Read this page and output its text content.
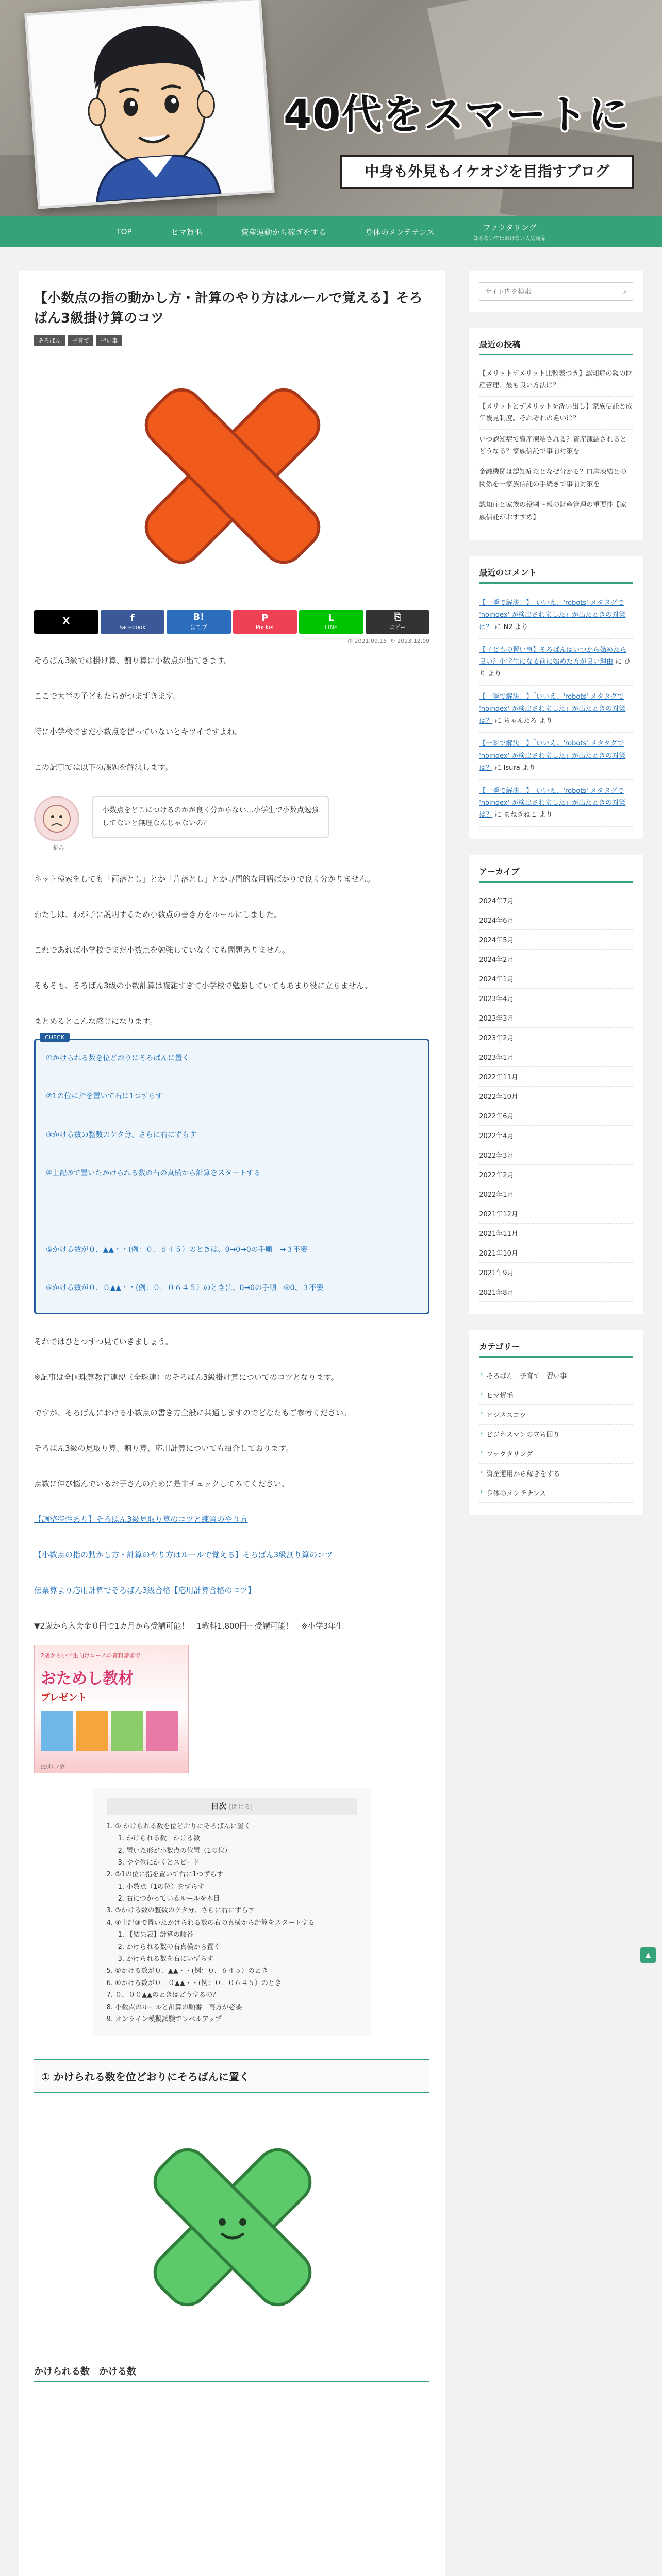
40代をスマートに
中身も外見もイケオジを目指すブログ
TOP	ヒマ賀毛	資産運動から稼ぎをする	身体のメンテナンス	ファクタリング
知らないではおけない人気商品
【小数点の指の動かし方・計算のやり方はルールで覚える】そろばん3級掛け算のコツ
そろばん	子育て	習い事
X	f
Facebook
B!
はてブ
P
Pocket
L
LINE
⎘
コピー
◷ 2021.09.15 ↻ 2023.12.09

そろばん3級では掛け算、割り算に小数点が出てきます。

ここで大半の子どもたちがつまずきます。

特に小学校でまだ小数点を習っていないとキツイですよね。

この記事では以下の課題を解決します。

悩み
小数点をどこにつけるのかが良く分からない…小学生で小数点勉強してないと無理なんじゃないの？

ネット検索をしても「両落とし」とか「片落とし」とか専門的な用語ばかりで良く分かりません。

わたしは、わが子に説明するため小数点の書き方をルールにしました。

これであれば小学校でまだ小数点を勉強していなくても問題ありません。

そもそも、そろばん3級の小数計算は複雑すぎて小学校で勉強していてもあまり役に立ちません。

まとめるとこんな感じになります。

CHECK
①かけられる数を位どおりにそろばんに置く
②1の位に指を置いて右に1つずらす
③かける数の整数のケタ分、さらに右にずらす
④上記③で置いたかけられる数の右の真横から計算をスタートする
－－－－－－－－－－－－－－－－－－
⑤かける数が０．▲▲・・(例：０．６４５）のときは、0→0→0の手順　→３不要
⑥かける数が０．０▲▲・・(例：０．０６４５）のときは、0→0の手順　⑥0、３不要

それではひとつずつ見ていきましょう。

※記事は全国珠算教育連盟（全珠連）のそろばん3級掛け算についてのコツとなります。

ですが、そろばんにおける小数点の書き方全般に共通しますのでどなたもご参考ください。

そろばん3級の見取り算、割り算、応用計算についても紹介しております。

点数に伸び悩んでいるお子さんのために是非チェックしてみてください。

【調整特性あり】そろばん3級見取り算のコツと練習のやり方

【小数点の指の動かし方・計算のやり方はルールで覚える】そろばん3級割り算のコツ

伝票算より応用計算でそろばん3級合格【応用計算合格のコツ】

▼2歳から入会金０円で1カ月から受講可能！　1教科1,800円〜受講可能！　※小学3年生

2歳から小学生向けコースの資料請求で
おためし教材
プレゼント
提供：Z会
目次 [閉じる]
1. ① かけられる数を位どおりにそろばんに置く
1. かけられる数　かける数
2. 置いた形が小数点の位置（1の位）
3. やや位にかくとスピード
2. ②1の位に指を置いて右に1つずらす
1. 小数点（1の位）をずらす
2. 右につかっているルールを本日
3. ③かける数の整数のケタ分、さらに右にずらす
4. ④上記③で置いたかけられる数の右の真横から計算をスタートする
1. 【結果表】計算の順番
2. かけられる数の右真横から置く
3. かけられる数を右にいずらす
5. ⑤かける数が０．▲▲・・(例：０．６４５）のとき
6. ⑥かける数が０．０▲▲・・(例：０．０６４５）のとき
7. ０．００▲▲のときはどうするの？
8. 小数点のルールと計算の順番　再方が必要
9. オンライン模擬試験でレベルアップ
① かけられる数を位どおりにそろばんに置く
かけられる数　かける数
サイト内を検索
⌕
最近の投稿
【メリットデメリット比較表つき】認知症の親の財産管理、最も良い方法は？
【メリットとデメリットを洗い出し】家族信託と成年後見制度。それぞれの違いは？
いつ認知症で資産凍結される？資産凍結されるとどうなる？家族信託で事前対策を
金融機関は認知症だとなぜ分かる？口座凍結との関係を一家族信託の手続きで事前対策を
認知症と家族の役割〜親の財産管理の重要性【家族信託がおすすめ】
最近のコメント
【一瞬で解決！】「いいえ、'robots' メタタグで 'noindex' が検出されました」が出たときの対策は？ に N2 より
【子どもの習い事】そろばんはいつから始めたら良い？小学生になる前に始めた方が良い理由 に ひり より
【一瞬で解決！】「いいえ、'robots' メタタグで 'noindex' が検出されました」が出たときの対策は？ に ちゃんたろ より
【一瞬で解決！】「いいえ、'robots' メタタグで 'noindex' が検出されました」が出たときの対策は？ に Isura より
【一瞬で解決！】「いいえ、'robots' メタタグで 'noindex' が検出されました」が出たときの対策は？ に まねきねこ より
アーカイブ
2024年7月
2024年6月
2024年5月
2024年2月
2024年1月
2023年4月
2023年3月
2023年2月
2023年1月
2022年11月
2022年10月
2022年6月
2022年4月
2022年3月
2022年2月
2022年1月
2021年12月
2021年11月
2021年10月
2021年9月
2021年8月
カテゴリー
› そろばん　子育て　習い事
› ヒマ賀毛
› ビジネスコツ
› ビジネスマンの立ち回り
› ファクタリング
› 資産運用から稼ぎをする
› 身体のメンテナンス
▲
